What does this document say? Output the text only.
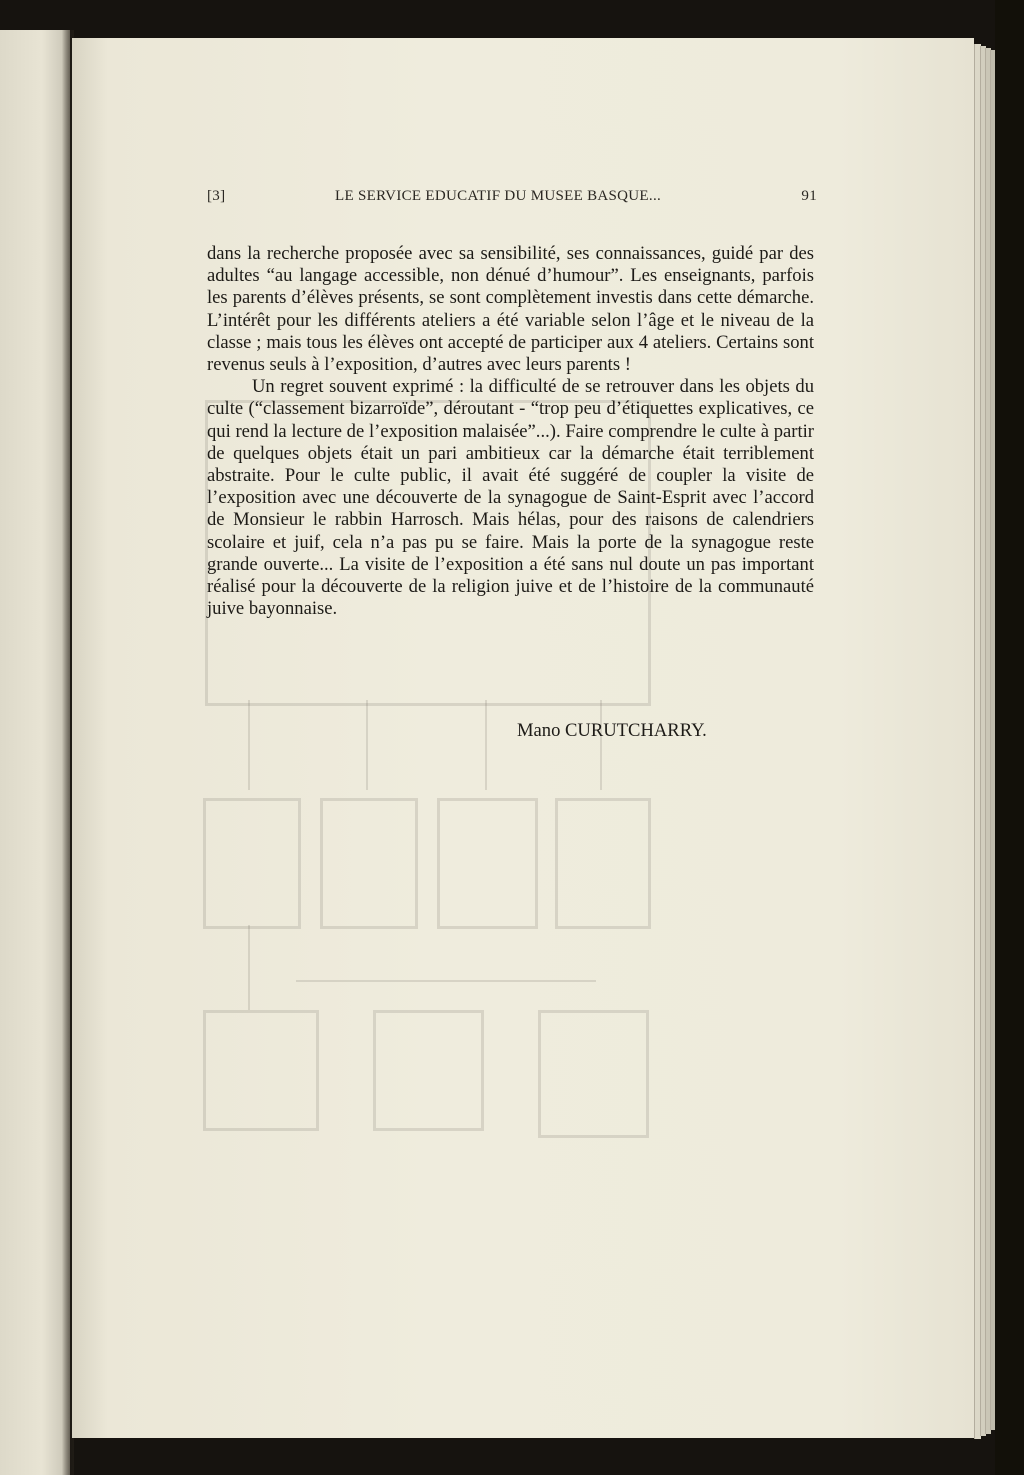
[3]	LE SERVICE EDUCATIF DU MUSEE BASQUE...	91

dans la recherche proposée avec sa sensibilité, ses connaissances, guidé par des adultes “au langage accessible, non dénué d’humour”. Les enseignants, parfois les parents d’élèves présents, se sont complètement investis dans cette démarche. L’intérêt pour les différents ateliers a été variable selon l’âge et le niveau de la classe ; mais tous les élèves ont accepté de participer aux 4 ateliers. Certains sont revenus seuls à l’exposition, d’autres avec leurs parents !

Un regret souvent exprimé : la difficulté de se retrouver dans les objets du culte (“classement bizarroïde”, déroutant - “trop peu d’étiquettes explicatives, ce qui rend la lecture de l’exposition malaisée”...). Faire comprendre le culte à partir de quelques objets était un pari ambitieux car la démarche était terriblement abstraite. Pour le culte public, il avait été suggéré de coupler la visite de l’exposition avec une découverte de la synagogue de Saint-Esprit avec l’accord de Monsieur le rabbin Harrosch. Mais hélas, pour des raisons de calendriers scolaire et juif, cela n’a pas pu se faire. Mais la porte de la synagogue reste grande ouverte... La visite de l’exposition a été sans nul doute un pas important réalisé pour la découverte de la religion juive et de l’histoire de la communauté juive bayonnaise.

Mano CURUTCHARRY.
